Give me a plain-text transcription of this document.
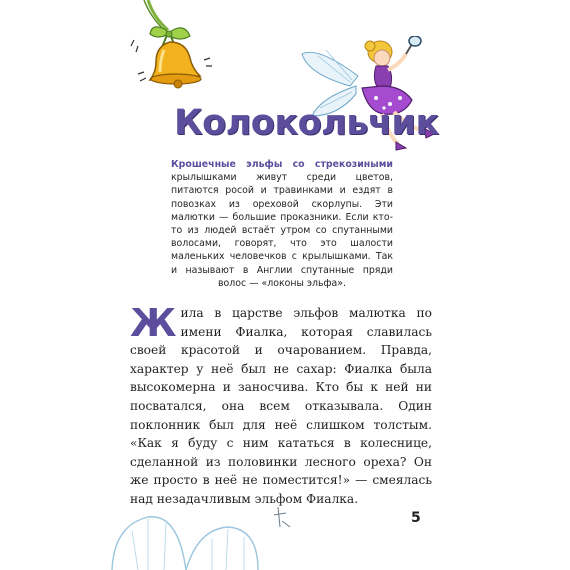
Колокольчик
Крошечные эльфы со стрекозиными крылышками живут среди цветов, питаются росой и травинками и ездят в повозках из ореховой скорлупы. Эти малютки — большие проказники. Если кто-то из людей встаёт утром со спутанными волосами, говорят, что это шалости маленьких человечков с крылышками. Так и называют в Англии спутанные пряди волос — «локоны эльфа».
Жила в царстве эльфов малютка по имени Фиалка, которая славилась своей красотой и очарованием. Правда, характер у неё был не сахар: Фиалка была высокомерна и заносчива. Кто бы к ней ни посватался, она всем отказывала. Один поклонник был для неё слишком толстым. «Как я буду с ним кататься в колеснице, сделанной из половинки лесного ореха? Он же просто в неё не поместится!» — смеялась над незадачливым эльфом Фиалка.
5
